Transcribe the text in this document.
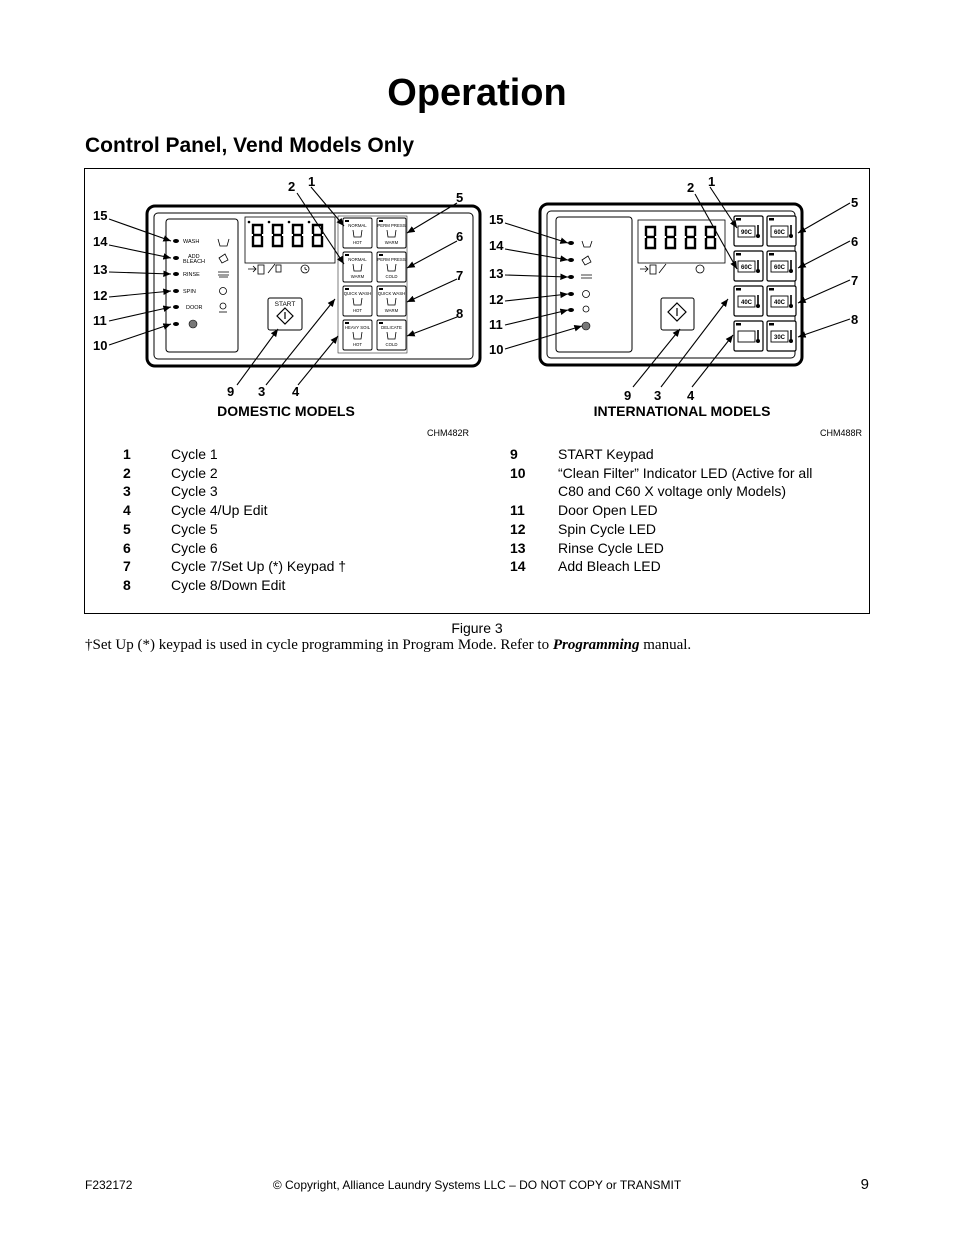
Operation
Control Panel, Vend Models Only
WASH
ADD
BLEACH
RINSE
SPIN
DOOR	START
NORMAL
HOT
PERM PRESS
WARM
NORMAL
WARM
PERM PRESS
COLD
QUICK WASH
HOT
QUICK WASH
WARM
HEAVY SOIL
HOT
DELICATE
COLD
90C	60C
60C	60C
40C	40C
30C
15
14
13
12
11
10
2 1
5
6
7
8
9 3 4
15
14
13
12
11
10
2 1
5
6
7
8
9 3 4
DOMESTIC MODELS	INTERNATIONAL MODELS
CHM482R	CHM488R
1	Cycle 1
2	Cycle 2
3	Cycle 3
4	Cycle 4/Up Edit
5	Cycle 5
6	Cycle 6
7	Cycle 7/Set Up (*) Keypad †
8	Cycle 8/Down Edit
9	START Keypad
10	“Clean Filter” Indicator LED (Active for all
C80 and C60 X voltage only Models)
11	Door Open LED
12	Spin Cycle LED
13	Rinse Cycle LED
14	Add Bleach LED
Figure 3
†Set Up (*) keypad is used in cycle programming in Program Mode. Refer to Programming manual.
F232172	© Copyright, Alliance Laundry Systems LLC – DO NOT COPY or TRANSMIT	9
